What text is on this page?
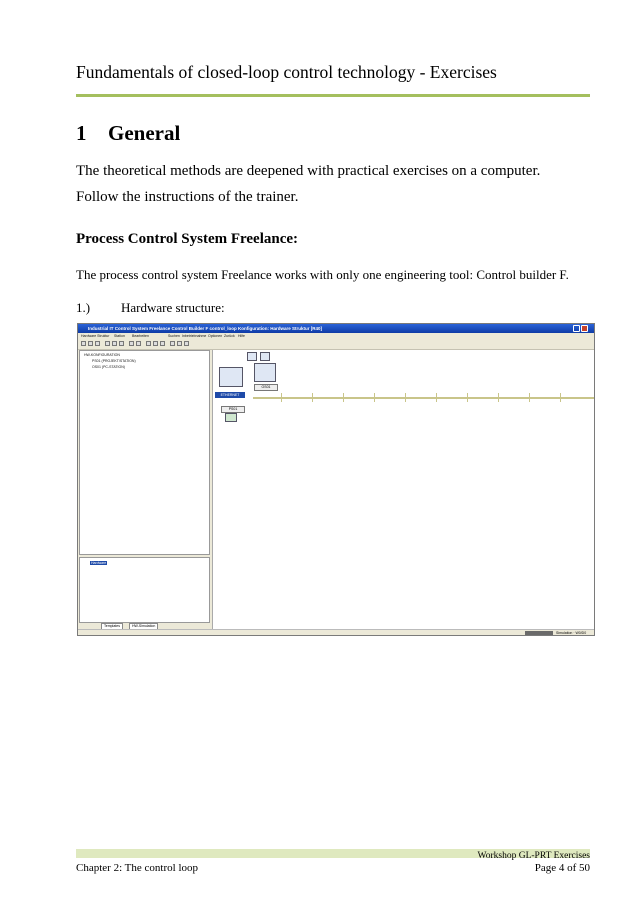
Fundamentals of closed-loop control technology - Exercises
1 General
The theoretical methods are deepened with practical exercises on a computer.
Follow the instructions of the trainer.
Process Control System Freelance:
The process control system Freelance works with only one engineering tool: Control builder F.
1.) Hardware structure:
Industrial IT Control System Freelance Control Builder F control_loop Konfiguration: Hardware Struktur [R40]
Hardware Struktur Station Bearbeiten	Suchen Inbetriebnahme Optionen Zurück Hilfe
HW-KONFIGURATION
PS01 (PROJEKT/STATION)
OS01 (PC-STATION)
Hardware
Templates	HW-Simulation
OS01
ETHERNET
PS01
Simulation · W0/D0
Workshop GL-PRT Exercises
Chapter 2: The control loop	Page 4 of 50
